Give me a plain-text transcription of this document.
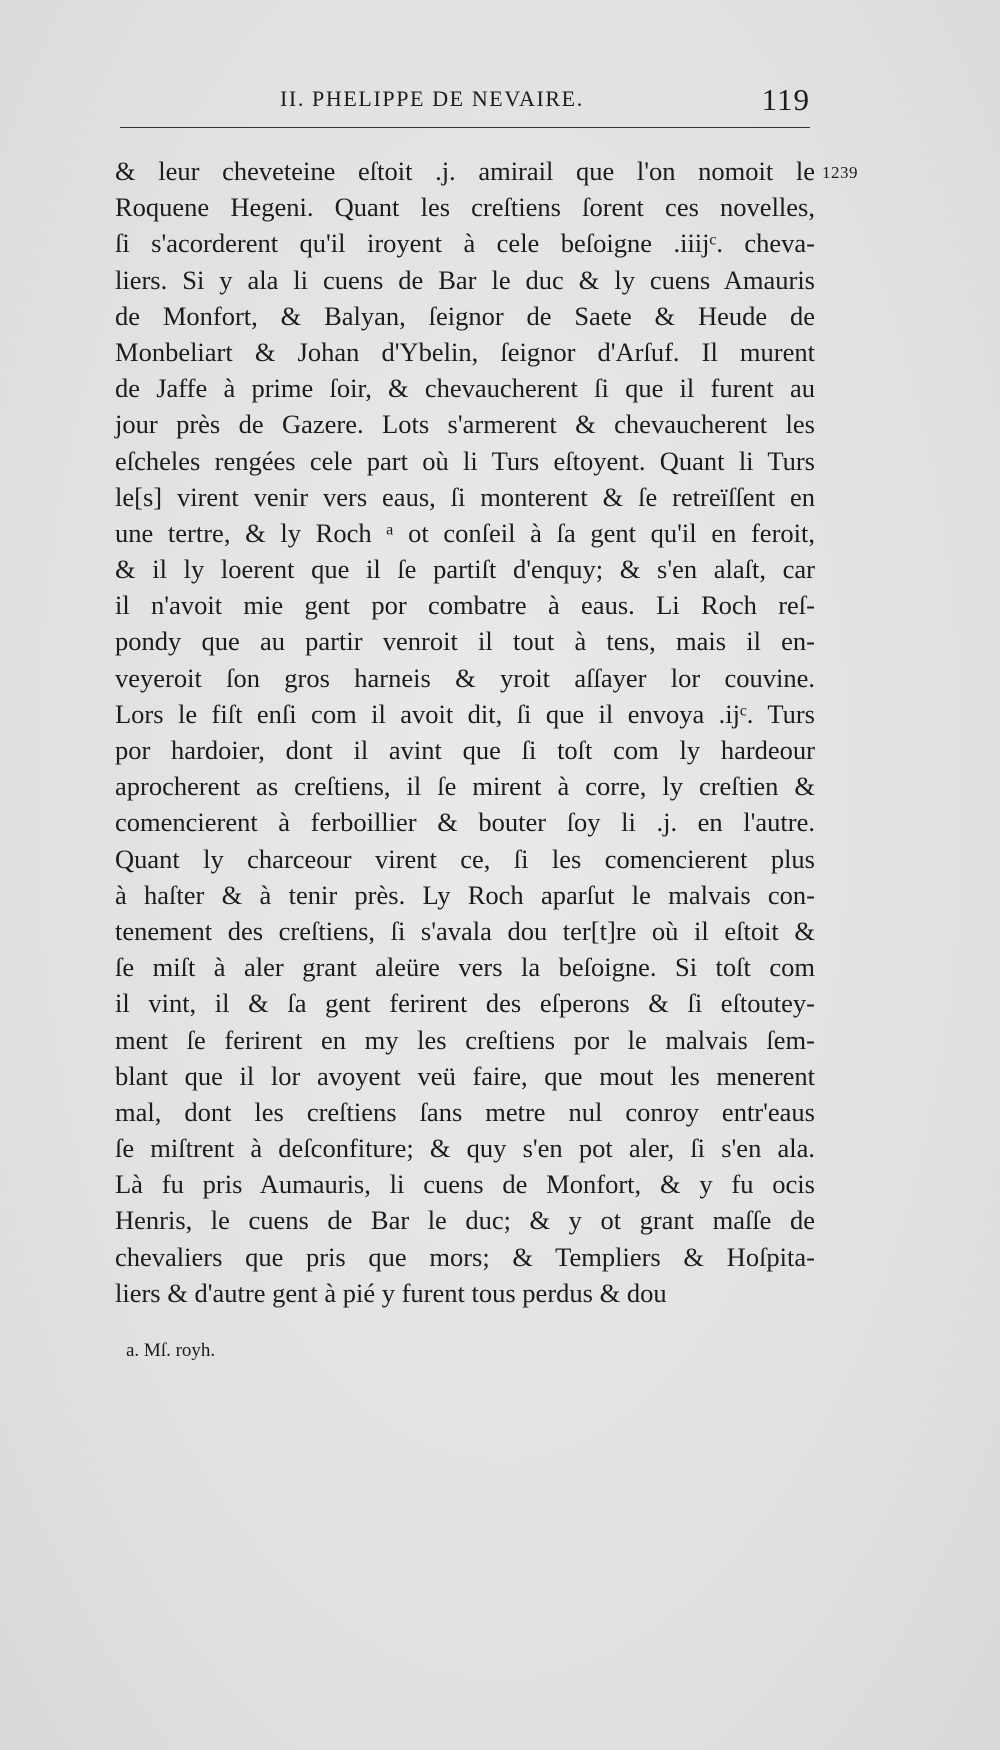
II. PHELIPPE DE NEVAIRE.	119
1239
& leur cheveteine eſtoit .j. amirail que l'on nomoit le
Roquene Hegeni. Quant les creſtiens ſorent ces novelles,
ſi s'acorderent qu'il iroyent à cele beſoigne .iiijᶜ. cheva-
liers. Si y ala li cuens de Bar le duc & ly cuens Amauris
de Monfort, & Balyan, ſeignor de Saete & Heude de
Monbeliart & Johan d'Ybelin, ſeignor d'Arſuf. Il murent
de Jaffe à prime ſoir, & chevaucherent ſi que il furent au
jour près de Gazere. Lots s'armerent & chevaucherent les
eſcheles rengées cele part où li Turs eſtoyent. Quant li Turs
le[s] virent venir vers eaus, ſi monterent & ſe retreïſſent en
une tertre, & ly Roch ᵃ ot conſeil à ſa gent qu'il en feroit,
& il ly loerent que il ſe partiſt d'enquy; & s'en alaſt, car
il n'avoit mie gent por combatre à eaus. Li Roch reſ-
pondy que au partir venroit il tout à tens, mais il en-
veyeroit ſon gros harneis & yroit aſſayer lor couvine.
Lors le fiſt enſi com il avoit dit, ſi que il envoya .ijᶜ. Turs
por hardoier, dont il avint que ſi toſt com ly hardeour
aprocherent as creſtiens, il ſe mirent à corre, ly creſtien &
comencierent à ferboillier & bouter ſoy li .j. en l'autre.
Quant ly charceour virent ce, ſi les comencierent plus
à haſter & à tenir près. Ly Roch aparſut le malvais con-
tenement des creſtiens, ſi s'avala dou ter[t]re où il eſtoit &
ſe miſt à aler grant aleüre vers la beſoigne. Si toſt com
il vint, il & ſa gent ferirent des eſperons & ſi eſtoutey-
ment ſe ferirent en my les creſtiens por le malvais ſem-
blant que il lor avoyent veü faire, que mout les menerent
mal, dont les creſtiens ſans metre nul conroy entr'eaus
ſe miſtrent à deſconfiture; & quy s'en pot aler, ſi s'en ala.
Là fu pris Aumauris, li cuens de Monfort, & y fu ocis
Henris, le cuens de Bar le duc; & y ot grant maſſe de
chevaliers que pris que mors; & Templiers & Hoſpita-
liers & d'autre gent à pié y furent tous perdus & dou
a. Mſ. royh.
